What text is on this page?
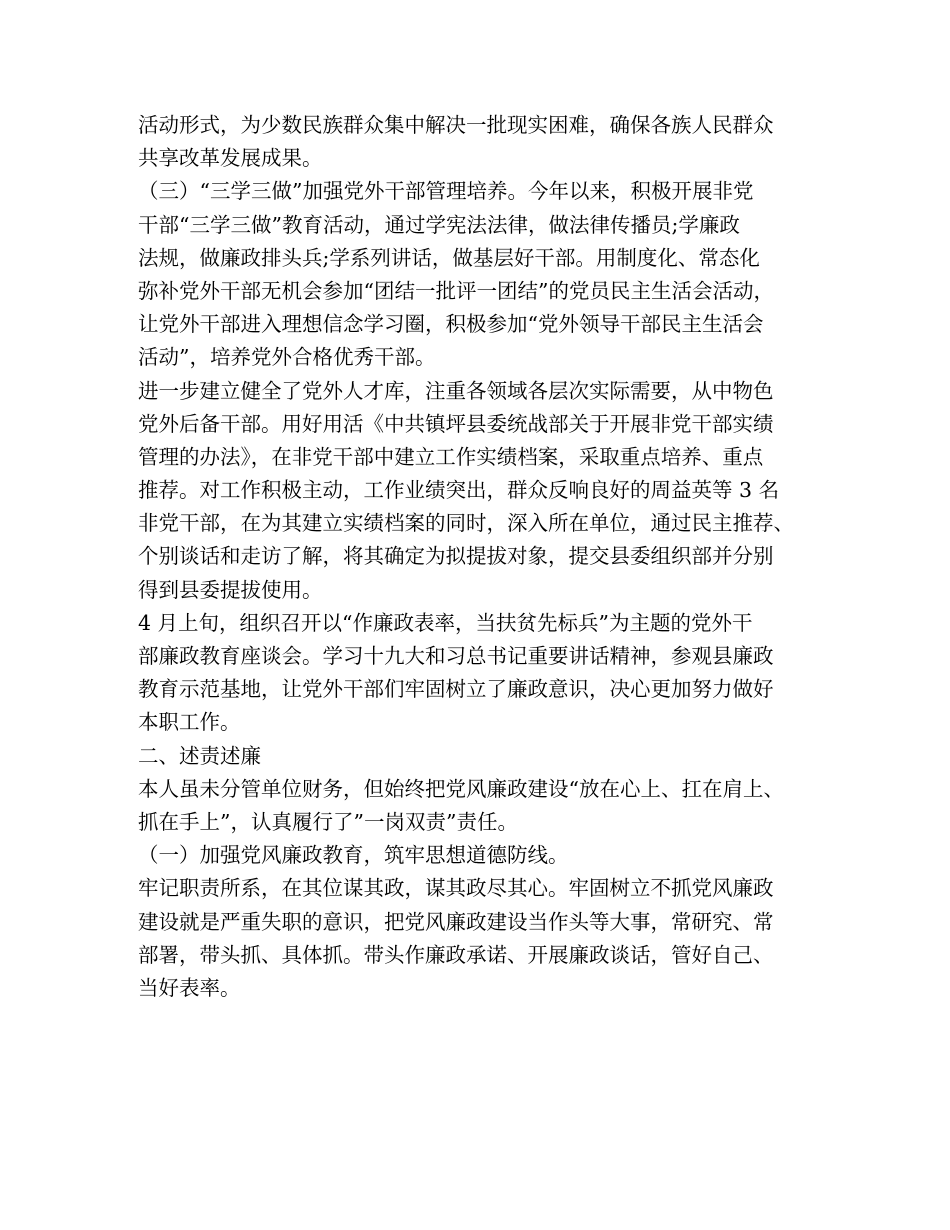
活动形式，为少数民族群众集中解决一批现实困难，确保各族人民群众
共享改革发展成果。
（三）“三学三做”加强党外干部管理培养。今年以来，积极开展非党
干部“三学三做”教育活动，通过学宪法法律，做法律传播员;学廉政
法规，做廉政排头兵;学系列讲话，做基层好干部。用制度化、常态化
弥补党外干部无机会参加“团结一批评一团结”的党员民主生活会活动，
让党外干部进入理想信念学习圈，积极参加“党外领导干部民主生活会
活动”，培养党外合格优秀干部。
进一步建立健全了党外人才库，注重各领域各层次实际需要，从中物色
党外后备干部。用好用活《中共镇坪县委统战部关于开展非党干部实绩
管理的办法》，在非党干部中建立工作实绩档案，采取重点培养、重点
推荐。对工作积极主动，工作业绩突出，群众反响良好的周益英等 3 名
非党干部，在为其建立实绩档案的同时，深入所在单位，通过民主推荐、
个别谈话和走访了解，将其确定为拟提拔对象，提交县委组织部并分别
得到县委提拔使用。
4 月上旬，组织召开以“作廉政表率，当扶贫先标兵”为主题的党外干
部廉政教育座谈会。学习十九大和习总书记重要讲话精神，参观县廉政
教育示范基地，让党外干部们牢固树立了廉政意识，决心更加努力做好
本职工作。
二、述责述廉
本人虽未分管单位财务，但始终把党风廉政建设“放在心上、扛在肩上、
抓在手上”，认真履行了”一岗双责”责任。
（一）加强党风廉政教育，筑牢思想道德防线。
牢记职责所系，在其位谋其政，谋其政尽其心。牢固树立不抓党风廉政
建设就是严重失职的意识，把党风廉政建设当作头等大事，常研究、常
部署，带头抓、具体抓。带头作廉政承诺、开展廉政谈话，管好自己、
当好表率。
